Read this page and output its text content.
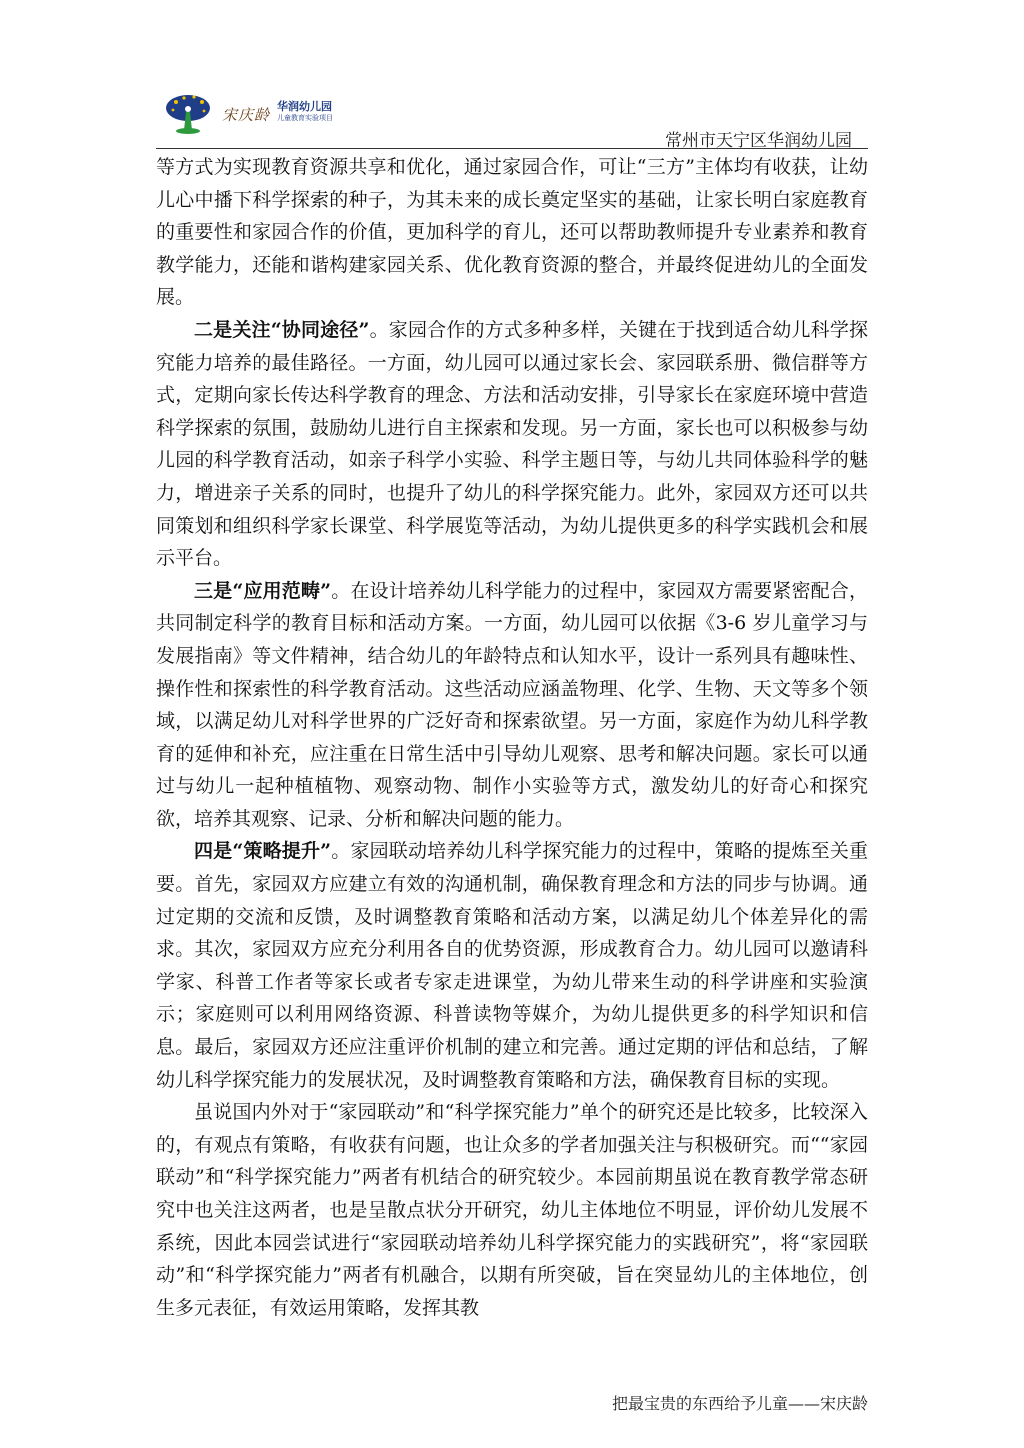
宋庆龄 华润幼儿园
儿童教育实验项目
常州市天宁区华润幼儿园

等方式为实现教育资源共享和优化，通过家园合作，可让“三方”主体均有收获，让幼儿心中播下科学探索的种子，为其未来的成长奠定坚实的基础，让家长明白家庭教育的重要性和家园合作的价值，更加科学的育儿，还可以帮助教师提升专业素养和教育教学能力，还能和谐构建家园关系、优化教育资源的整合，并最终促进幼儿的全面发展。

二是关注“协同途径”。家园合作的方式多种多样，关键在于找到适合幼儿科学探究能力培养的最佳路径。一方面，幼儿园可以通过家长会、家园联系册、微信群等方式，定期向家长传达科学教育的理念、方法和活动安排，引导家长在家庭环境中营造科学探索的氛围，鼓励幼儿进行自主探索和发现。另一方面，家长也可以积极参与幼儿园的科学教育活动，如亲子科学小实验、科学主题日等，与幼儿共同体验科学的魅力，增进亲子关系的同时，也提升了幼儿的科学探究能力。此外，家园双方还可以共同策划和组织科学家长课堂、科学展览等活动，为幼儿提供更多的科学实践机会和展示平台。

三是“应用范畴”。在设计培养幼儿科学能力的过程中，家园双方需要紧密配合，共同制定科学的教育目标和活动方案。一方面，幼儿园可以依据《3-6 岁儿童学习与发展指南》等文件精神，结合幼儿的年龄特点和认知水平，设计一系列具有趣味性、操作性和探索性的科学教育活动。这些活动应涵盖物理、化学、生物、天文等多个领域，以满足幼儿对科学世界的广泛好奇和探索欲望。另一方面，家庭作为幼儿科学教育的延伸和补充，应注重在日常生活中引导幼儿观察、思考和解决问题。家长可以通过与幼儿一起种植植物、观察动物、制作小实验等方式，激发幼儿的好奇心和探究欲，培养其观察、记录、分析和解决问题的能力。

四是“策略提升”。家园联动培养幼儿科学探究能力的过程中，策略的提炼至关重要。首先，家园双方应建立有效的沟通机制，确保教育理念和方法的同步与协调。通过定期的交流和反馈，及时调整教育策略和活动方案，以满足幼儿个体差异化的需求。其次，家园双方应充分利用各自的优势资源，形成教育合力。幼儿园可以邀请科学家、科普工作者等家长或者专家走进课堂，为幼儿带来生动的科学讲座和实验演示；家庭则可以利用网络资源、科普读物等媒介，为幼儿提供更多的科学知识和信息。最后，家园双方还应注重评价机制的建立和完善。通过定期的评估和总结，了解幼儿科学探究能力的发展状况，及时调整教育策略和方法，确保教育目标的实现。

虽说国内外对于“家园联动”和“科学探究能力”单个的研究还是比较多，比较深入的，有观点有策略，有收获有问题，也让众多的学者加强关注与积极研究。而““家园联动”和“科学探究能力”两者有机结合的研究较少。本园前期虽说在教育教学常态研究中也关注这两者，也是呈散点状分开研究，幼儿主体地位不明显，评价幼儿发展不系统，因此本园尝试进行“家园联动培养幼儿科学探究能力的实践研究”，将“家园联动”和“科学探究能力”两者有机融合，以期有所突破，旨在突显幼儿的主体地位，创生多元表征，有效运用策略，发挥其教

把最宝贵的东西给予儿童——宋庆龄
